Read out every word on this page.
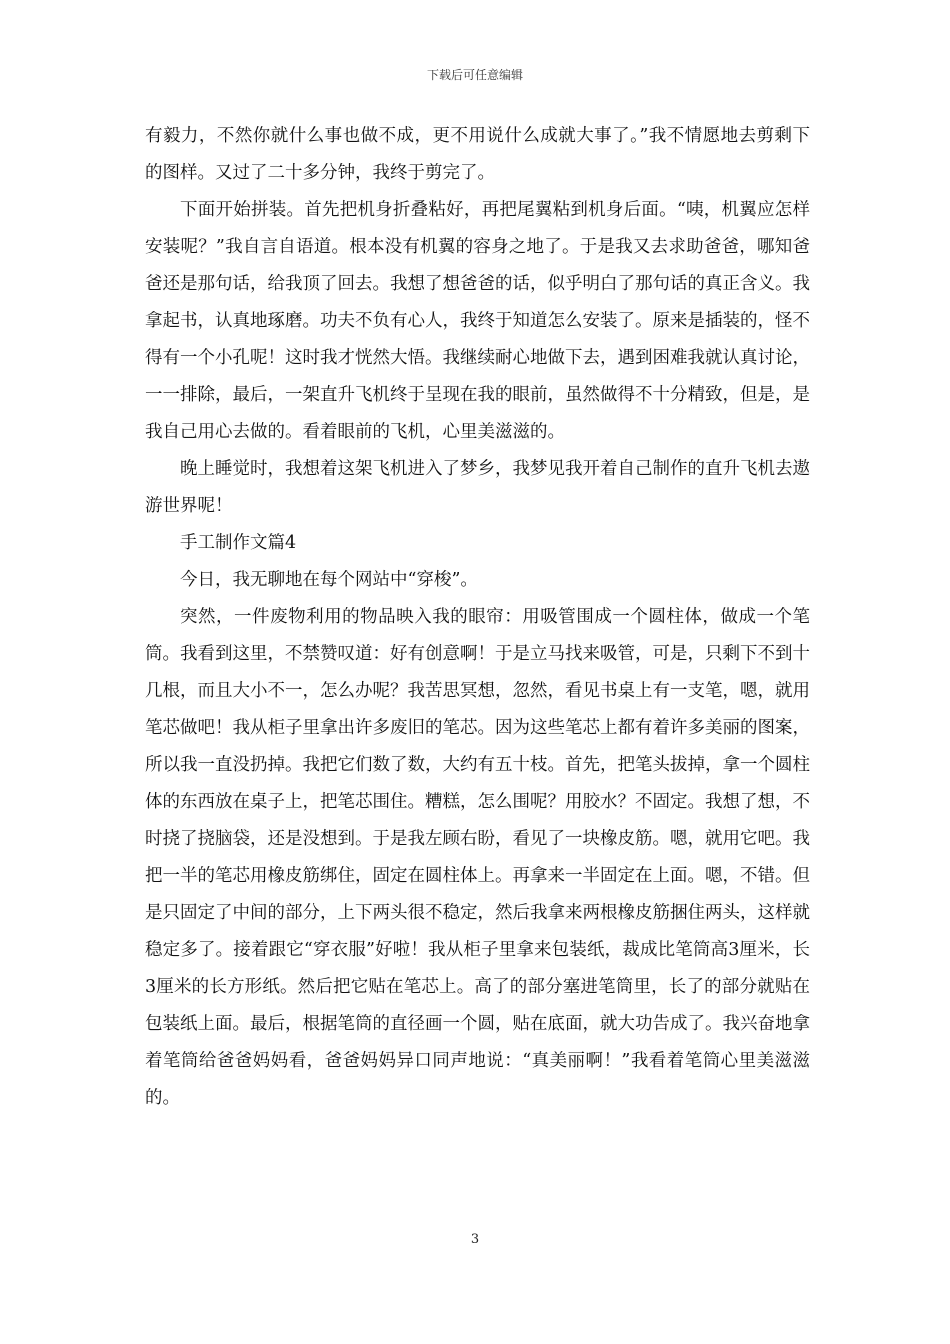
下载后可任意编辑

有毅力，不然你就什么事也做不成，更不用说什么成就大事了。”我不情愿地去剪剩下的图样。又过了二十多分钟，我终于剪完了。

下面开始拼装。首先把机身折叠粘好，再把尾翼粘到机身后面。“咦，机翼应怎样安装呢？”我自言自语道。根本没有机翼的容身之地了。于是我又去求助爸爸，哪知爸爸还是那句话，给我顶了回去。我想了想爸爸的话，似乎明白了那句话的真正含义。我拿起书，认真地琢磨。功夫不负有心人，我终于知道怎么安装了。原来是插装的，怪不得有一个小孔呢！这时我才恍然大悟。我继续耐心地做下去，遇到困难我就认真讨论，一一排除，最后，一架直升飞机终于呈现在我的眼前，虽然做得不十分精致，但是，是我自己用心去做的。看着眼前的飞机，心里美滋滋的。

晚上睡觉时，我想着这架飞机进入了梦乡，我梦见我开着自己制作的直升飞机去遨游世界呢！

手工制作文篇4

今日，我无聊地在每个网站中“穿梭”。

突然，一件废物利用的物品映入我的眼帘：用吸管围成一个圆柱体，做成一个笔筒。我看到这里，不禁赞叹道：好有创意啊！于是立马找来吸管，可是，只剩下不到十几根，而且大小不一，怎么办呢？我苦思冥想，忽然，看见书桌上有一支笔，嗯，就用笔芯做吧！我从柜子里拿出许多废旧的笔芯。因为这些笔芯上都有着许多美丽的图案，所以我一直没扔掉。我把它们数了数，大约有五十枝。首先，把笔头拔掉，拿一个圆柱体的东西放在桌子上，把笔芯围住。糟糕，怎么围呢？用胶水？不固定。我想了想，不时挠了挠脑袋，还是没想到。于是我左顾右盼，看见了一块橡皮筋。嗯，就用它吧。我把一半的笔芯用橡皮筋绑住，固定在圆柱体上。再拿来一半固定在上面。嗯，不错。但是只固定了中间的部分，上下两头很不稳定，然后我拿来两根橡皮筋捆住两头，这样就稳定多了。接着跟它“穿衣服”好啦！我从柜子里拿来包装纸，裁成比笔筒高3厘米，长3厘米的长方形纸。然后把它贴在笔芯上。高了的部分塞进笔筒里，长了的部分就贴在包装纸上面。最后，根据笔筒的直径画一个圆，贴在底面，就大功告成了。我兴奋地拿着笔筒给爸爸妈妈看，爸爸妈妈异口同声地说：“真美丽啊！”我看着笔筒心里美滋滋的。

3
